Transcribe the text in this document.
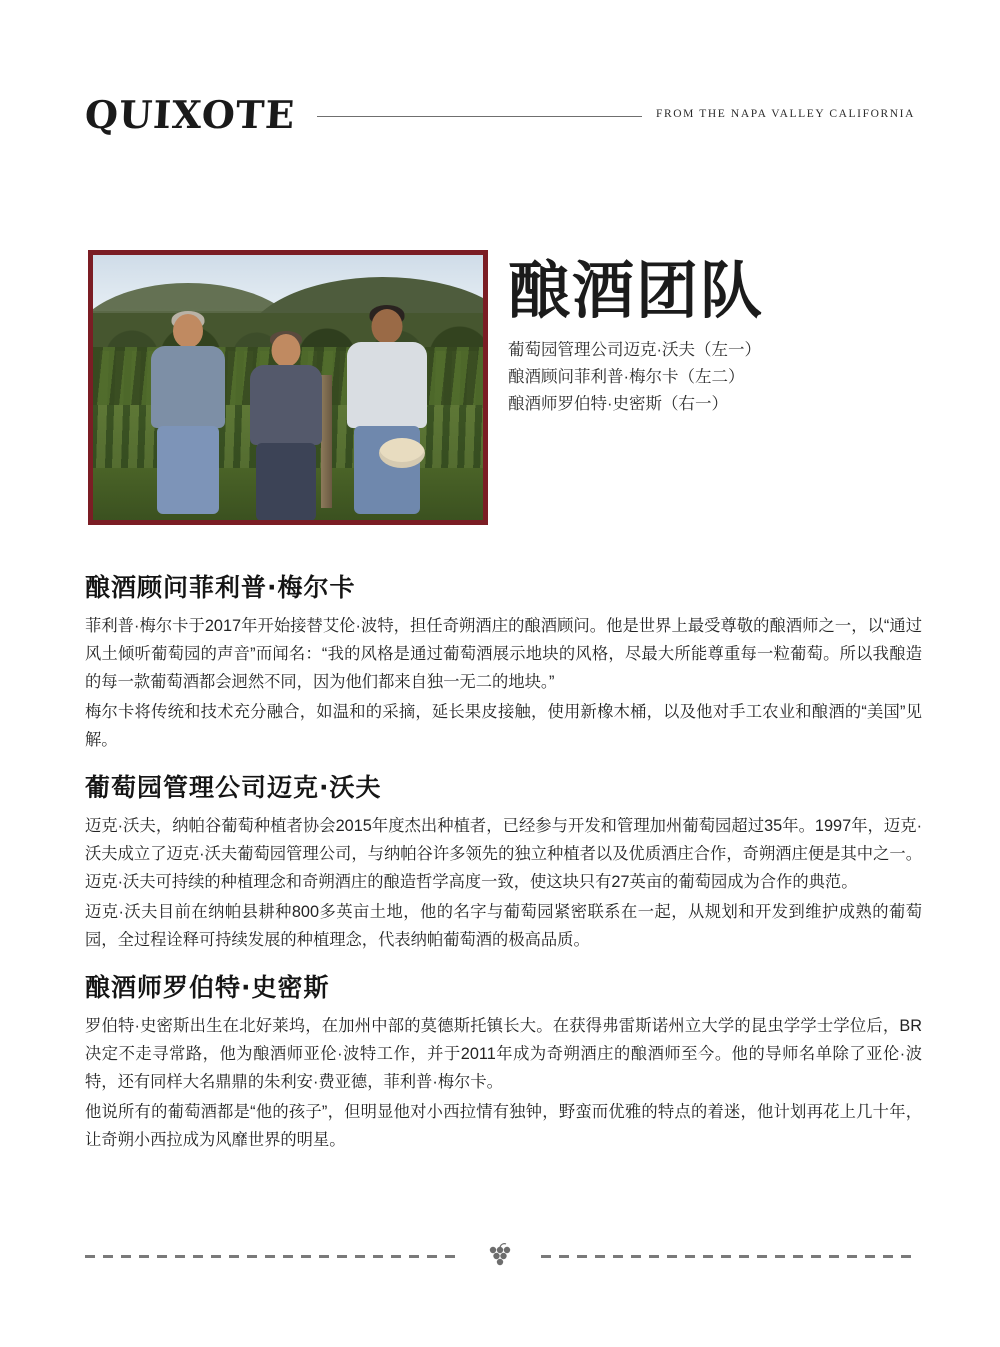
QUIXOTE	FROM THE NAPA VALLEY CALIFORNIA
酿酒团队
葡萄园管理公司迈克·沃夫（左一）
酿酒顾问菲利普·梅尔卡（左二）
酿酒师罗伯特·史密斯（右一）
酿酒顾问菲利普·梅尔卡

菲利普·梅尔卡于2017年开始接替艾伦·波特，担任奇朔酒庄的酿酒顾问。他是世界上最受尊敬的酿酒师之一，以“通过风土倾听葡萄园的声音”而闻名：“我的风格是通过葡萄酒展示地块的风格，尽最大所能尊重每一粒葡萄。所以我酿造的每一款葡萄酒都会迥然不同，因为他们都来自独一无二的地块。”

梅尔卡将传统和技术充分融合，如温和的采摘，延长果皮接触，使用新橡木桶，以及他对手工农业和酿酒的“美国”见解。

葡萄园管理公司迈克·沃夫

迈克·沃夫，纳帕谷葡萄种植者协会2015年度杰出种植者，已经参与开发和管理加州葡萄园超过35年。1997年，迈克·沃夫成立了迈克·沃夫葡萄园管理公司，与纳帕谷许多领先的独立种植者以及优质酒庄合作，奇朔酒庄便是其中之一。迈克·沃夫可持续的种植理念和奇朔酒庄的酿造哲学高度一致，使这块只有27英亩的葡萄园成为合作的典范。

迈克·沃夫目前在纳帕县耕种800多英亩土地，他的名字与葡萄园紧密联系在一起，从规划和开发到维护成熟的葡萄园，全过程诠释可持续发展的种植理念，代表纳帕葡萄酒的极高品质。

酿酒师罗伯特·史密斯

罗伯特·史密斯出生在北好莱坞，在加州中部的莫德斯托镇长大。在获得弗雷斯诺州立大学的昆虫学学士学位后，BR决定不走寻常路，他为酿酒师亚伦·波特工作，并于2011年成为奇朔酒庄的酿酒师至今。他的导师名单除了亚伦·波特，还有同样大名鼎鼎的朱利安·费亚德，菲利普·梅尔卡。

他说所有的葡萄酒都是“他的孩子”，但明显他对小西拉情有独钟，野蛮而优雅的特点的着迷，他计划再花上几十年，让奇朔小西拉成为风靡世界的明星。
